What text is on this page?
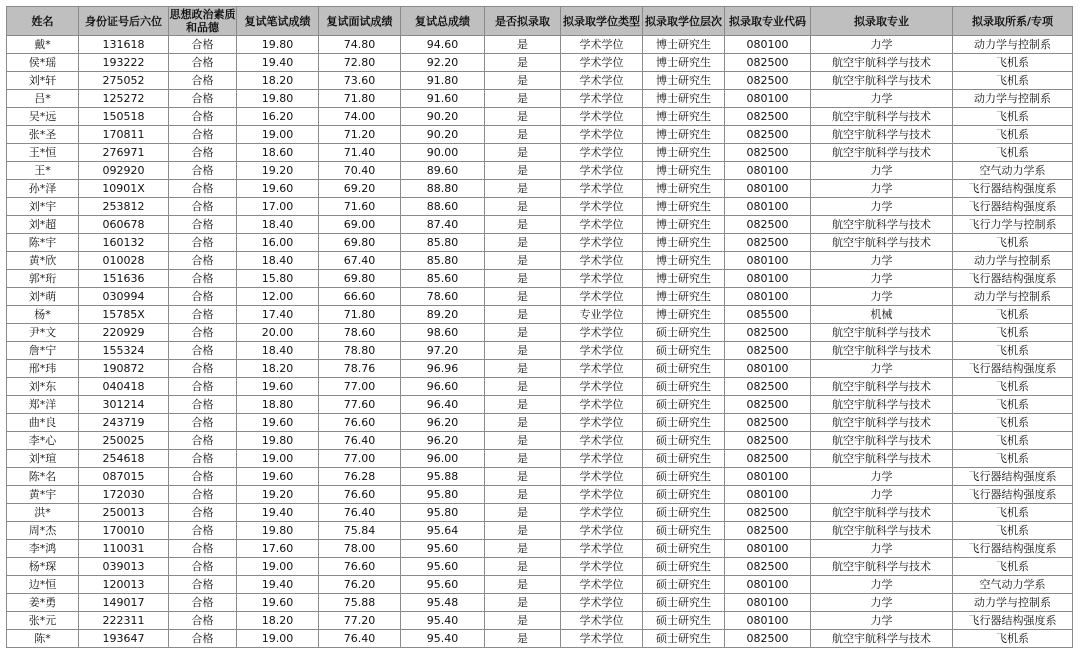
姓名	身份证号后六位	思想政治素质和品德	复试笔试成绩	复试面试成绩	复试总成绩	是否拟录取	拟录取学位类型	拟录取学位层次	拟录取专业代码	拟录取专业	拟录取所系/专项
戴*	131618	合格	19.80	74.80	94.60	是	学术学位	博士研究生	080100	力学	动力学与控制系
侯*瑶	193222	合格	19.40	72.80	92.20	是	学术学位	博士研究生	082500	航空宇航科学与技术	飞机系
刘*轩	275052	合格	18.20	73.60	91.80	是	学术学位	博士研究生	082500	航空宇航科学与技术	飞机系
吕*	125272	合格	19.80	71.80	91.60	是	学术学位	博士研究生	080100	力学	动力学与控制系
吴*远	150518	合格	16.20	74.00	90.20	是	学术学位	博士研究生	082500	航空宇航科学与技术	飞机系
张*圣	170811	合格	19.00	71.20	90.20	是	学术学位	博士研究生	082500	航空宇航科学与技术	飞机系
王*恒	276971	合格	18.60	71.40	90.00	是	学术学位	博士研究生	082500	航空宇航科学与技术	飞机系
王*	092920	合格	19.20	70.40	89.60	是	学术学位	博士研究生	080100	力学	空气动力学系
孙*泽	10901X	合格	19.60	69.20	88.80	是	学术学位	博士研究生	080100	力学	飞行器结构强度系
刘*宇	253812	合格	17.00	71.60	88.60	是	学术学位	博士研究生	080100	力学	飞行器结构强度系
刘*超	060678	合格	18.40	69.00	87.40	是	学术学位	博士研究生	082500	航空宇航科学与技术	飞行力学与控制系
陈*宇	160132	合格	16.00	69.80	85.80	是	学术学位	博士研究生	082500	航空宇航科学与技术	飞机系
黄*欣	010028	合格	18.40	67.40	85.80	是	学术学位	博士研究生	080100	力学	动力学与控制系
郭*珩	151636	合格	15.80	69.80	85.60	是	学术学位	博士研究生	080100	力学	飞行器结构强度系
刘*萌	030994	合格	12.00	66.60	78.60	是	学术学位	博士研究生	080100	力学	动力学与控制系
杨*	15785X	合格	17.40	71.80	89.20	是	专业学位	博士研究生	085500	机械	飞机系
尹*文	220929	合格	20.00	78.60	98.60	是	学术学位	硕士研究生	082500	航空宇航科学与技术	飞机系
詹*宁	155324	合格	18.40	78.80	97.20	是	学术学位	硕士研究生	082500	航空宇航科学与技术	飞机系
邢*玮	190872	合格	18.20	78.76	96.96	是	学术学位	硕士研究生	080100	力学	飞行器结构强度系
刘*东	040418	合格	19.60	77.00	96.60	是	学术学位	硕士研究生	082500	航空宇航科学与技术	飞机系
郑*洋	301214	合格	18.80	77.60	96.40	是	学术学位	硕士研究生	082500	航空宇航科学与技术	飞机系
曲*良	243719	合格	19.60	76.60	96.20	是	学术学位	硕士研究生	082500	航空宇航科学与技术	飞机系
李*心	250025	合格	19.80	76.40	96.20	是	学术学位	硕士研究生	082500	航空宇航科学与技术	飞机系
刘*瑄	254618	合格	19.00	77.00	96.00	是	学术学位	硕士研究生	082500	航空宇航科学与技术	飞机系
陈*名	087015	合格	19.60	76.28	95.88	是	学术学位	硕士研究生	080100	力学	飞行器结构强度系
黄*宇	172030	合格	19.20	76.60	95.80	是	学术学位	硕士研究生	080100	力学	飞行器结构强度系
洪*	250013	合格	19.40	76.40	95.80	是	学术学位	硕士研究生	082500	航空宇航科学与技术	飞机系
周*杰	170010	合格	19.80	75.84	95.64	是	学术学位	硕士研究生	082500	航空宇航科学与技术	飞机系
李*鸿	110031	合格	17.60	78.00	95.60	是	学术学位	硕士研究生	080100	力学	飞行器结构强度系
杨*琛	039013	合格	19.00	76.60	95.60	是	学术学位	硕士研究生	082500	航空宇航科学与技术	飞机系
边*恒	120013	合格	19.40	76.20	95.60	是	学术学位	硕士研究生	080100	力学	空气动力学系
姜*勇	149017	合格	19.60	75.88	95.48	是	学术学位	硕士研究生	080100	力学	动力学与控制系
张*元	222311	合格	18.20	77.20	95.40	是	学术学位	硕士研究生	080100	力学	飞行器结构强度系
陈*	193647	合格	19.00	76.40	95.40	是	学术学位	硕士研究生	082500	航空宇航科学与技术	飞机系
